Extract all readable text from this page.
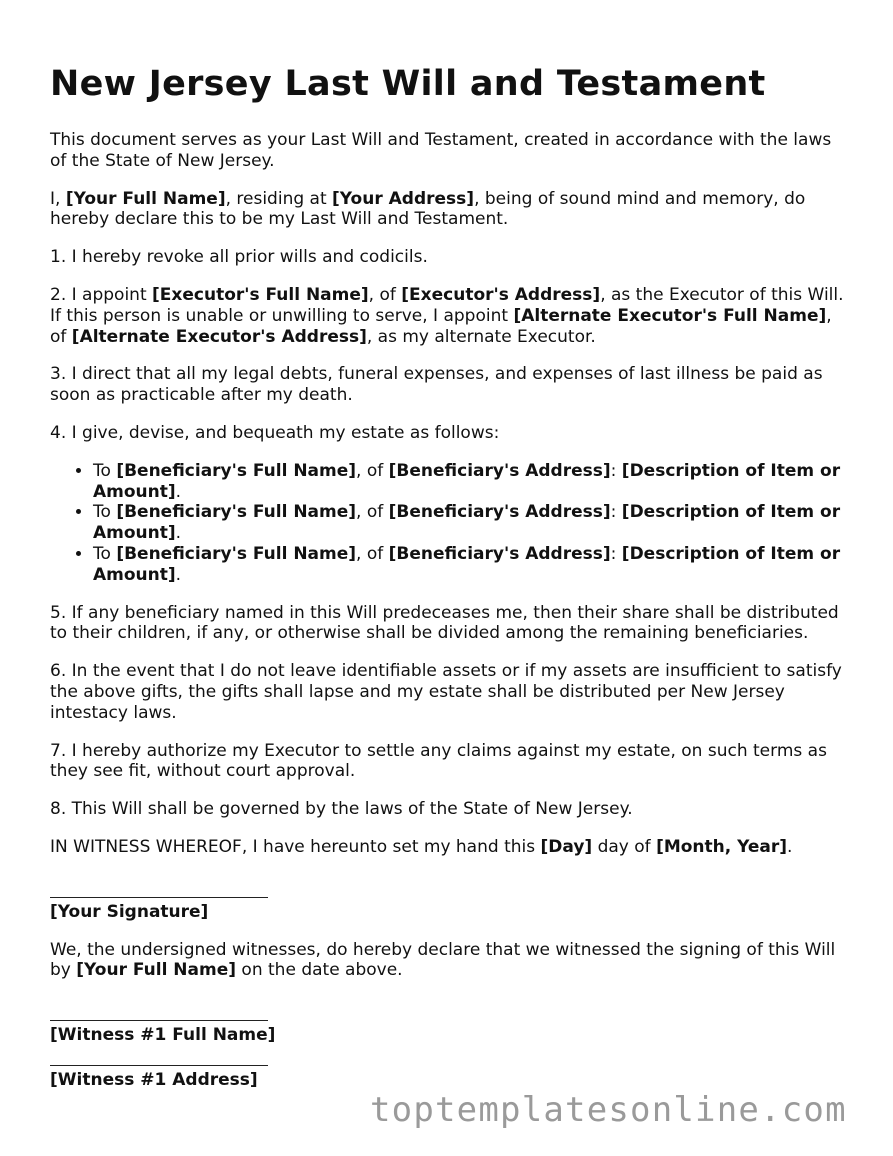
New Jersey Last Will and Testament

This document serves as your Last Will and Testament, created in accordance with the laws of the State of New Jersey.

I, [Your Full Name], residing at [Your Address], being of sound mind and memory, do hereby declare this to be my Last Will and Testament.

1. I hereby revoke all prior wills and codicils.

2. I appoint [Executor's Full Name], of [Executor's Address], as the Executor of this Will. If this person is unable or unwilling to serve, I appoint [Alternate Executor's Full Name], of [Alternate Executor's Address], as my alternate Executor.

3. I direct that all my legal debts, funeral expenses, and expenses of last illness be paid as soon as practicable after my death.

4. I give, devise, and bequeath my estate as follows:

• To [Beneficiary's Full Name], of [Beneficiary's Address]: [Description of Item or Amount].
• To [Beneficiary's Full Name], of [Beneficiary's Address]: [Description of Item or Amount].
• To [Beneficiary's Full Name], of [Beneficiary's Address]: [Description of Item or Amount].

5. If any beneficiary named in this Will predeceases me, then their share shall be distributed to their children, if any, or otherwise shall be divided among the remaining beneficiaries.

6. In the event that I do not leave identifiable assets or if my assets are insufficient to satisfy the above gifts, the gifts shall lapse and my estate shall be distributed per New Jersey intestacy laws.

7. I hereby authorize my Executor to settle any claims against my estate, on such terms as they see fit, without court approval.

8. This Will shall be governed by the laws of the State of New Jersey.

IN WITNESS WHEREOF, I have hereunto set my hand this [Day] day of [Month, Year].

[Your Signature]

We, the undersigned witnesses, do hereby declare that we witnessed the signing of this Will by [Your Full Name] on the date above.

[Witness #1 Full Name]
[Witness #1 Address]
toptemplatesonline.com
